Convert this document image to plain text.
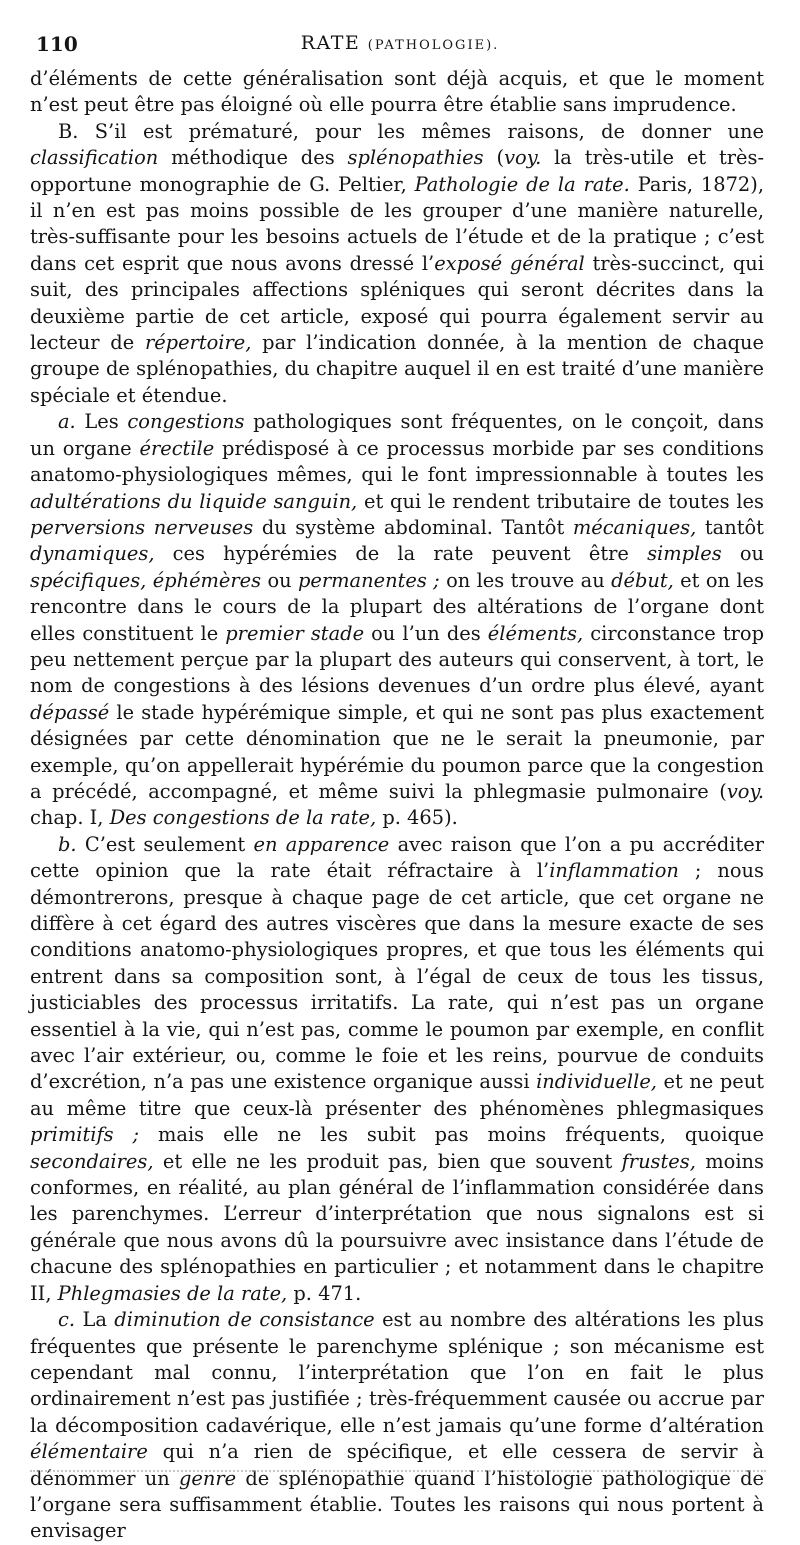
110	RATE (PATHOLOGIE).

d’éléments de cette généralisation sont déjà acquis, et que le moment n’est peut être pas éloigné où elle pourra être établie sans imprudence.

B. S’il est prématuré, pour les mêmes raisons, de donner une classification méthodique des splénopathies (voy. la très-utile et très-opportune monographie de G. Peltier, Pathologie de la rate. Paris, 1872), il n’en est pas moins possible de les grouper d’une manière naturelle, très-suffisante pour les besoins actuels de l’étude et de la pratique ; c’est dans cet esprit que nous avons dressé l’exposé général très-succinct, qui suit, des principales affections spléniques qui seront décrites dans la deuxième partie de cet article, exposé qui pourra également servir au lecteur de répertoire, par l’indication donnée, à la mention de chaque groupe de splénopathies, du chapitre auquel il en est traité d’une manière spéciale et étendue.

a. Les congestions pathologiques sont fréquentes, on le conçoit, dans un organe érectile prédisposé à ce processus morbide par ses conditions anatomo-physiologiques mêmes, qui le font impressionnable à toutes les adultérations du liquide sanguin, et qui le rendent tributaire de toutes les perversions nerveuses du système abdominal. Tantôt mécaniques, tantôt dynamiques, ces hypérémies de la rate peuvent être simples ou spécifiques, éphémères ou permanentes ; on les trouve au début, et on les rencontre dans le cours de la plupart des altérations de l’organe dont elles constituent le premier stade ou l’un des éléments, circonstance trop peu nettement perçue par la plupart des auteurs qui conservent, à tort, le nom de congestions à des lésions devenues d’un ordre plus élevé, ayant dépassé le stade hypérémique simple, et qui ne sont pas plus exactement désignées par cette dénomination que ne le serait la pneumonie, par exemple, qu’on appellerait hypérémie du poumon parce que la congestion a précédé, accompagné, et même suivi la phlegmasie pulmonaire (voy. chap. I, Des congestions de la rate, p. 465).

b. C’est seulement en apparence avec raison que l’on a pu accréditer cette opinion que la rate était réfractaire à l’inflammation ; nous démontrerons, presque à chaque page de cet article, que cet organe ne diffère à cet égard des autres viscères que dans la mesure exacte de ses conditions anatomo-physiologiques propres, et que tous les éléments qui entrent dans sa composition sont, à l’égal de ceux de tous les tissus, justiciables des processus irritatifs. La rate, qui n’est pas un organe essentiel à la vie, qui n’est pas, comme le poumon par exemple, en conflit avec l’air extérieur, ou, comme le foie et les reins, pourvue de conduits d’excrétion, n’a pas une existence organique aussi individuelle, et ne peut au même titre que ceux-là présenter des phénomènes phlegmasiques primitifs ; mais elle ne les subit pas moins fréquents, quoique secondaires, et elle ne les produit pas, bien que souvent frustes, moins conformes, en réalité, au plan général de l’inflammation considérée dans les parenchymes. L’erreur d’interprétation que nous signalons est si générale que nous avons dû la poursuivre avec insistance dans l’étude de chacune des splénopathies en particulier ; et notamment dans le chapitre II, Phlegmasies de la rate, p. 471.

c. La diminution de consistance est au nombre des altérations les plus fréquentes que présente le parenchyme splénique ; son mécanisme est cependant mal connu, l’interprétation que l’on en fait le plus ordinairement n’est pas justifiée ; très-fréquemment causée ou accrue par la décomposition cadavérique, elle n’est jamais qu’une forme d’altération élémentaire qui n’a rien de spécifique, et elle cessera de servir à dénommer un genre de splénopathie quand l’histologie pathologique de l’organe sera suffisamment établie. Toutes les raisons qui nous portent à envisager
